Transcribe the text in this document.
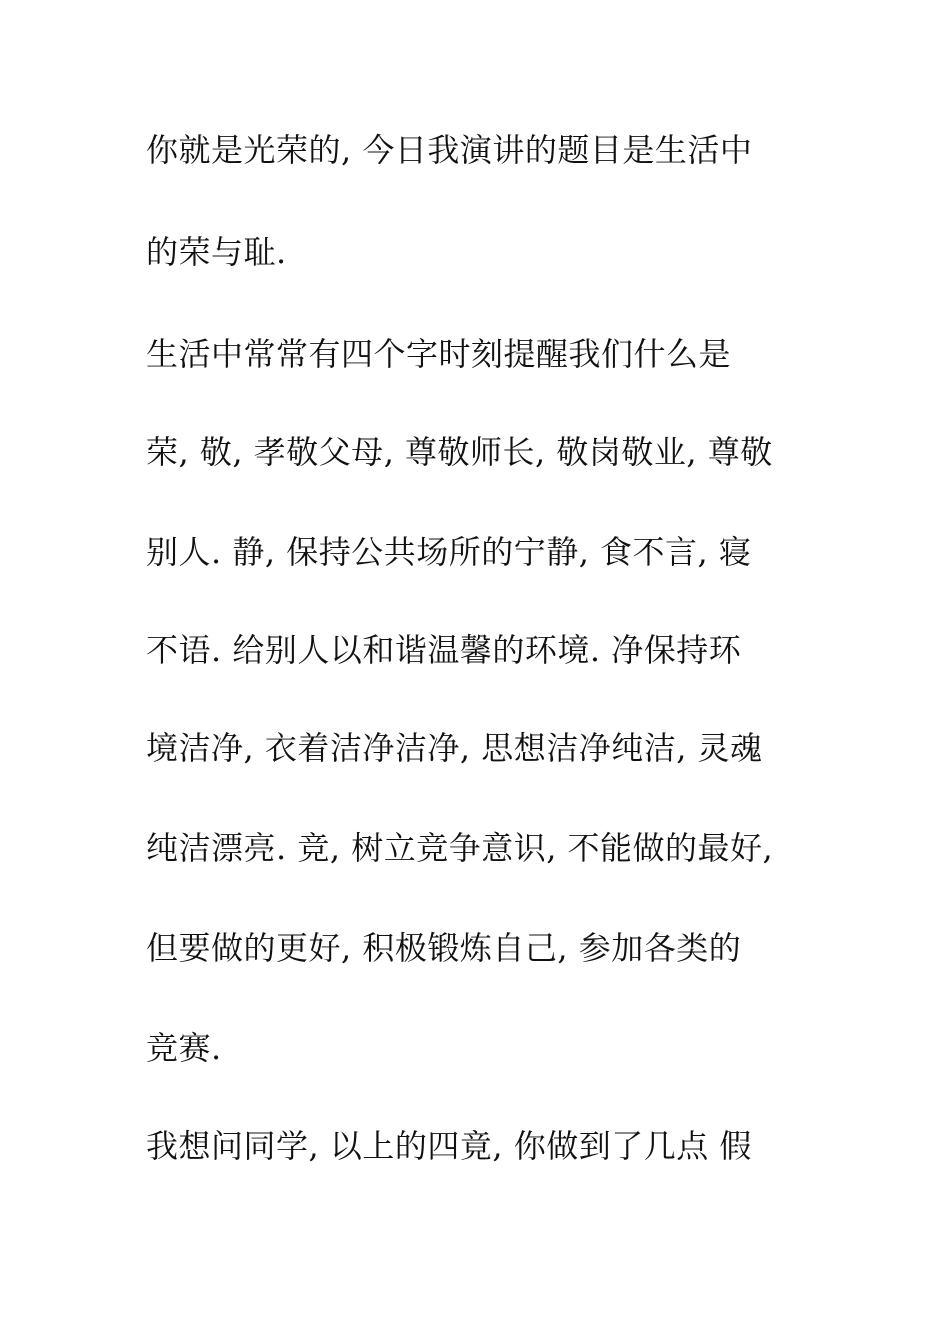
你就是光荣的, 今日我演讲的题目是生活中
的荣与耻.
生活中常常有四个字时刻提醒我们什么是
荣, 敬, 孝敬父母, 尊敬师长, 敬岗敬业, 尊敬
别人. 静, 保持公共场所的宁静, 食不言, 寝
不语. 给别人以和谐温馨的环境. 净保持环
境洁净, 衣着洁净洁净, 思想洁净纯洁, 灵魂
纯洁漂亮. 竞, 树立竞争意识, 不能做的最好,
但要做的更好, 积极锻炼自己, 参加各类的
竞赛.
我想问同学, 以上的四竟, 你做到了几点 假
